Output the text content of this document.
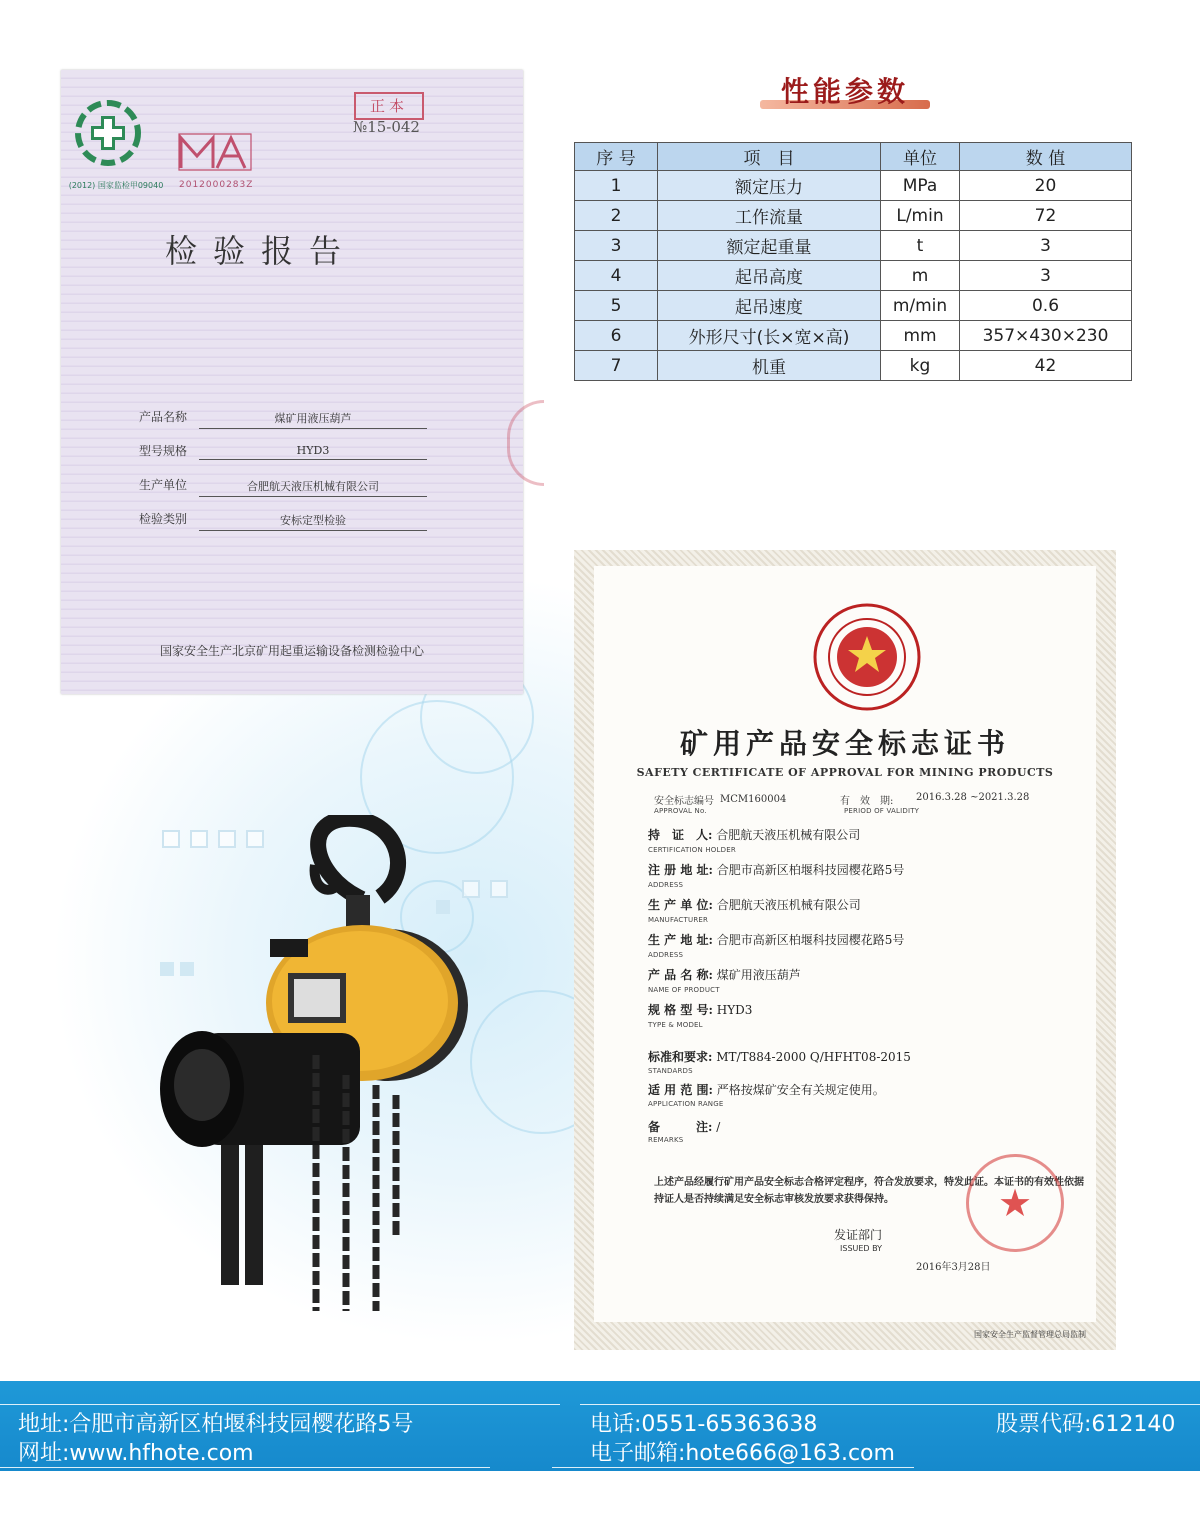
(2012) 国家监检甲09040	2012000283Z
正本
№15-042
检验报告
产品名称	煤矿用液压葫芦
型号规格	HYD3
生产单位	合肥航天液压机械有限公司
检验类别	安标定型检验
国家安全生产北京矿用起重运输设备检测检验中心
性能参数
序 号	项　目	单位	数 值
1	额定压力	MPa	20
2	工作流量	L/min	72
3	额定起重量	t	3
4	起吊高度	m	3
5	起吊速度	m/min	0.6
6	外形尺寸(长×宽×高)	mm	357×430×230
7	机重	kg	42
矿用产品安全标志证书
SAFETY CERTIFICATE OF APPROVAL FOR MINING PRODUCTS
安全标志编号 MCM160004
APPROVAL No.
有　效　期: 2016.3.28 ~2021.3.28
PERIOD OF VALIDITY
持　证　人: 合肥航天液压机械有限公司
CERTIFICATION HOLDER
注 册 地 址: 合肥市高新区柏堰科技园樱花路5号
ADDRESS
生 产 单 位: 合肥航天液压机械有限公司
MANUFACTURER
生 产 地 址: 合肥市高新区柏堰科技园樱花路5号
ADDRESS
产 品 名 称: 煤矿用液压葫芦
NAME OF PRODUCT
规 格 型 号: HYD3
TYPE & MODEL
标准和要求: MT/T884-2000 Q/HFHT08-2015
STANDARDS
适 用 范 围: 严格按煤矿安全有关规定使用。
APPLICATION RANGE
备　　　注: /
REMARKS
上述产品经履行矿用产品安全标志合格评定程序，符合发放要求，特发此证。本证书的有效性依据持证人是否持续满足安全标志审核发放要求获得保持。	★
发证部门
ISSUED BY
2016年3月28日
国家安全生产监督管理总局监制
地址:合肥市高新区柏堰科技园樱花路5号
网址:www.hfhote.com
电话:0551-65363638
电子邮箱:hote666@163.com
股票代码:612140
